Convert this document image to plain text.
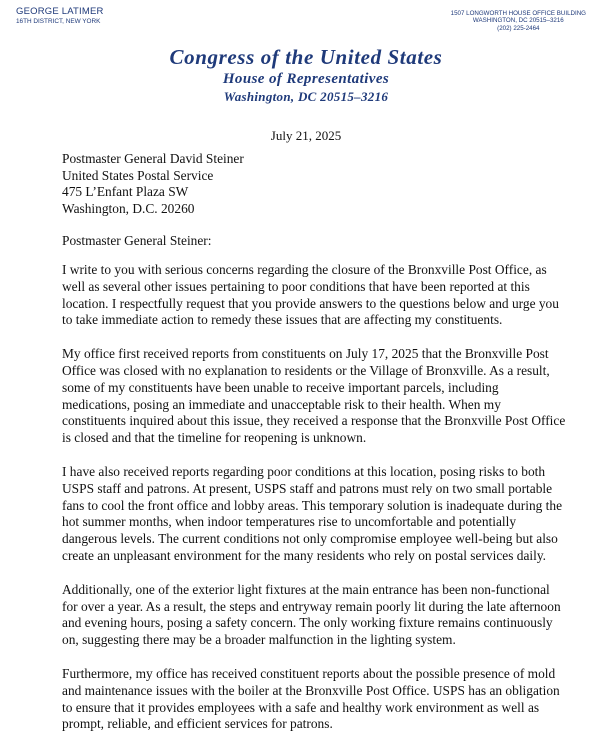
GEORGE LATIMER
16TH DISTRICT, NEW YORK
1507 LONGWORTH HOUSE OFFICE BUILDING
WASHINGTON, DC 20515–3216
(202) 225-2464
Congress of the United States
House of Representatives
Washington, DC 20515–3216
July 21, 2025
Postmaster General David Steiner
United States Postal Service
475 L’Enfant Plaza SW
Washington, D.C. 20260
Postmaster General Steiner:

I write to you with serious concerns regarding the closure of the Bronxville Post Office, as well as several other issues pertaining to poor conditions that have been reported at this location. I respectfully request that you provide answers to the questions below and urge you to take immediate action to remedy these issues that are affecting my constituents.

My office first received reports from constituents on July 17, 2025 that the Bronxville Post Office was closed with no explanation to residents or the Village of Bronxville. As a result, some of my constituents have been unable to receive important parcels, including medications, posing an immediate and unacceptable risk to their health. When my constituents inquired about this issue, they received a response that the Bronxville Post Office is closed and that the timeline for reopening is unknown.

I have also received reports regarding poor conditions at this location, posing risks to both USPS staff and patrons. At present, USPS staff and patrons must rely on two small portable fans to cool the front office and lobby areas. This temporary solution is inadequate during the hot summer months, when indoor temperatures rise to uncomfortable and potentially dangerous levels. The current conditions not only compromise employee well-being but also create an unpleasant environment for the many residents who rely on postal services daily.

Additionally, one of the exterior light fixtures at the main entrance has been non-functional for over a year. As a result, the steps and entryway remain poorly lit during the late afternoon and evening hours, posing a safety concern. The only working fixture remains continuously on, suggesting there may be a broader malfunction in the lighting system.

Furthermore, my office has received constituent reports about the possible presence of mold and maintenance issues with the boiler at the Bronxville Post Office. USPS has an obligation to ensure that it provides employees with a safe and healthy work environment as well as prompt, reliable, and efficient services for patrons.
